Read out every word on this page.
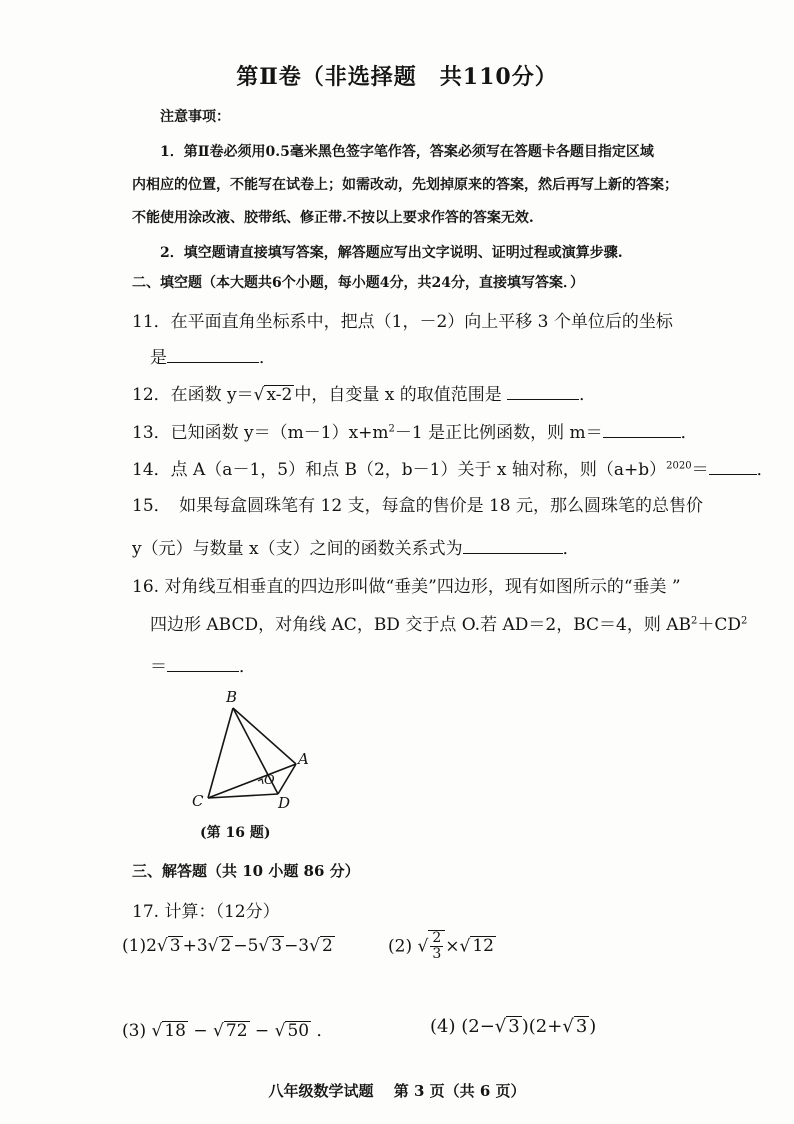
第Ⅱ卷（非选择题　共110分）
注意事项：
1．第Ⅱ卷必须用0.5毫米黑色签字笔作答，答案必须写在答题卡各题目指定区域
内相应的位置，不能写在试卷上；如需改动，先划掉原来的答案，然后再写上新的答案；
不能使用涂改液、胶带纸、修正带.不按以上要求作答的答案无效.
2．填空题请直接填写答案，解答题应写出文字说明、证明过程或演算步骤.
二、填空题（本大题共6个小题，每小题4分，共24分，直接填写答案．）
11．在平面直角坐标系中，把点（1，－2）向上平移 3 个单位后的坐标
是	．
12．在函数 y＝√ x-2 中，自变量 x 的取值范围是	．
13．已知函数 $y=(m-1)x+m^2-1$ 是正比例函数，则 m＝	．
14．点 A（a－1，5）和点 B（2，b－1）关于 x 轴对称，则$(a+b)^{2020}=$	．
15．　如果每盒圆珠笔有 12 支，每盒的售价是 18 元，那么圆珠笔的总售价
y（元）与数量 x（支）之间的函数关系式为	．
16. 对角线互相垂直的四边形叫做“垂美”四边形，现有如图所示的“垂美 ”
四边形 ABCD，对角线 AC，BD 交于点 O.若 AD＝2，BC＝4，则 $AB^2+CD^2$
＝	．
B
A
C	D
O
(第 16 题)
三、解答题（共 10 小题 86 分）
17. 计算：（12分）
(1)2√ 3 +3√ 2 −5√ 3 −3√ 2	(2) √ $\frac{2}{3}$ ×√ 12
(3) √ 18 − √ 72 − √ 50 ．	(4) (2−√ 3 )(2+√ 3 )
八年级数学试题　 第 3 页（共 6 页）
